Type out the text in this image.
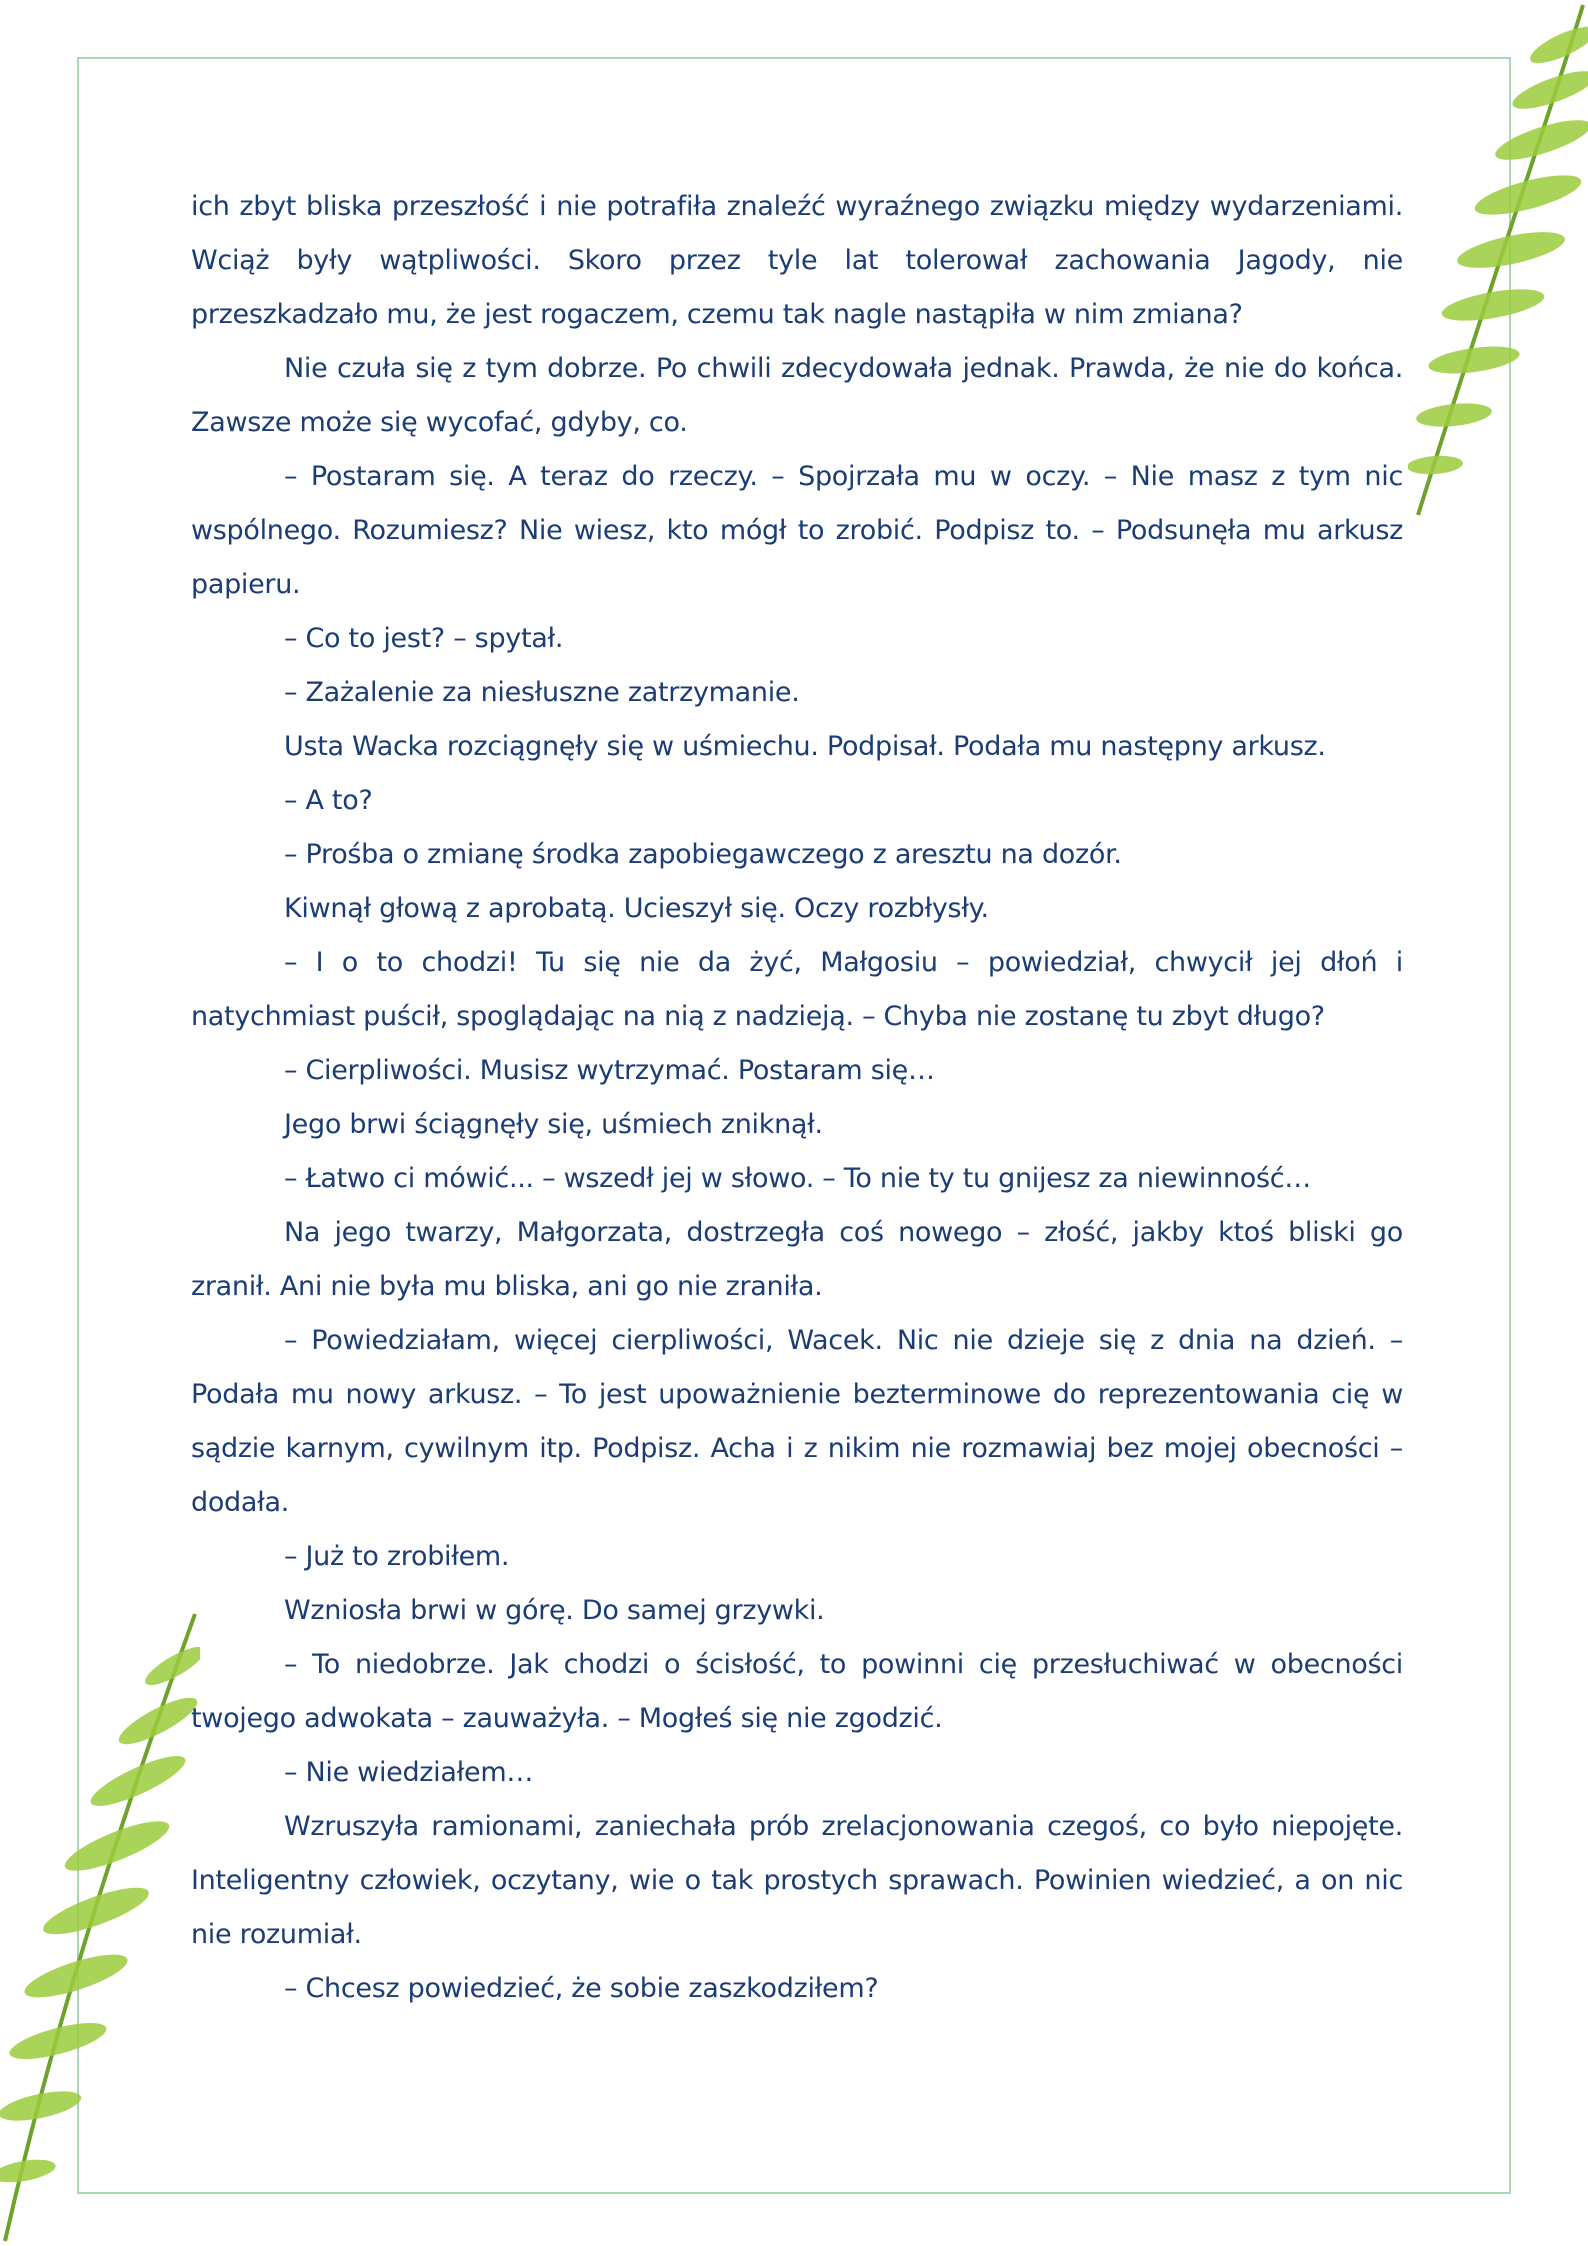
ich zbyt bliska przeszłość i nie potrafiła znaleźć wyraźnego związku między wydarzeniami. Wciąż były wątpliwości. Skoro przez tyle lat tolerował zachowania Jagody, nie przeszkadzało mu, że jest rogaczem, czemu tak nagle nastąpiła w nim zmiana?

Nie czuła się z tym dobrze. Po chwili zdecydowała jednak. Prawda, że nie do końca. Zawsze może się wycofać, gdyby, co.

– Postaram się. A teraz do rzeczy. – Spojrzała mu w oczy. – Nie masz z tym nic wspólnego. Rozumiesz? Nie wiesz, kto mógł to zrobić. Podpisz to. – Podsunęła mu arkusz papieru.

– Co to jest? – spytał.

– Zażalenie za niesłuszne zatrzymanie.

Usta Wacka rozciągnęły się w uśmiechu. Podpisał. Podała mu następny arkusz.

– A to?

– Prośba o zmianę środka zapobiegawczego z aresztu na dozór.

Kiwnął głową z aprobatą. Ucieszył się. Oczy rozbłysły.

– I o to chodzi! Tu się nie da żyć, Małgosiu – powiedział, chwycił jej dłoń i natychmiast puścił, spoglądając na nią z nadzieją. – Chyba nie zostanę tu zbyt długo?

– Cierpliwości. Musisz wytrzymać. Postaram się…

Jego brwi ściągnęły się, uśmiech zniknął.

– Łatwo ci mówić... – wszedł jej w słowo. – To nie ty tu gnijesz za niewinność…

Na jego twarzy, Małgorzata, dostrzegła coś nowego – złość, jakby ktoś bliski go zranił. Ani nie była mu bliska, ani go nie zraniła.

– Powiedziałam, więcej cierpliwości, Wacek. Nic nie dzieje się z dnia na dzień. – Podała mu nowy arkusz. – To jest upoważnienie bezterminowe do reprezentowania cię w sądzie karnym, cywilnym itp. Podpisz. Acha i z nikim nie rozmawiaj bez mojej obecności – dodała.

– Już to zrobiłem.

Wzniosła brwi w górę. Do samej grzywki.

– To niedobrze. Jak chodzi o ścisłość, to powinni cię przesłuchiwać w obecności twojego adwokata – zauważyła. – Mogłeś się nie zgodzić.

– Nie wiedziałem…

Wzruszyła ramionami, zaniechała prób zrelacjonowania czegoś, co było niepojęte. Inteligentny człowiek, oczytany, wie o tak prostych sprawach. Powinien wiedzieć, a on nic nie rozumiał.

– Chcesz powiedzieć, że sobie zaszkodziłem?
